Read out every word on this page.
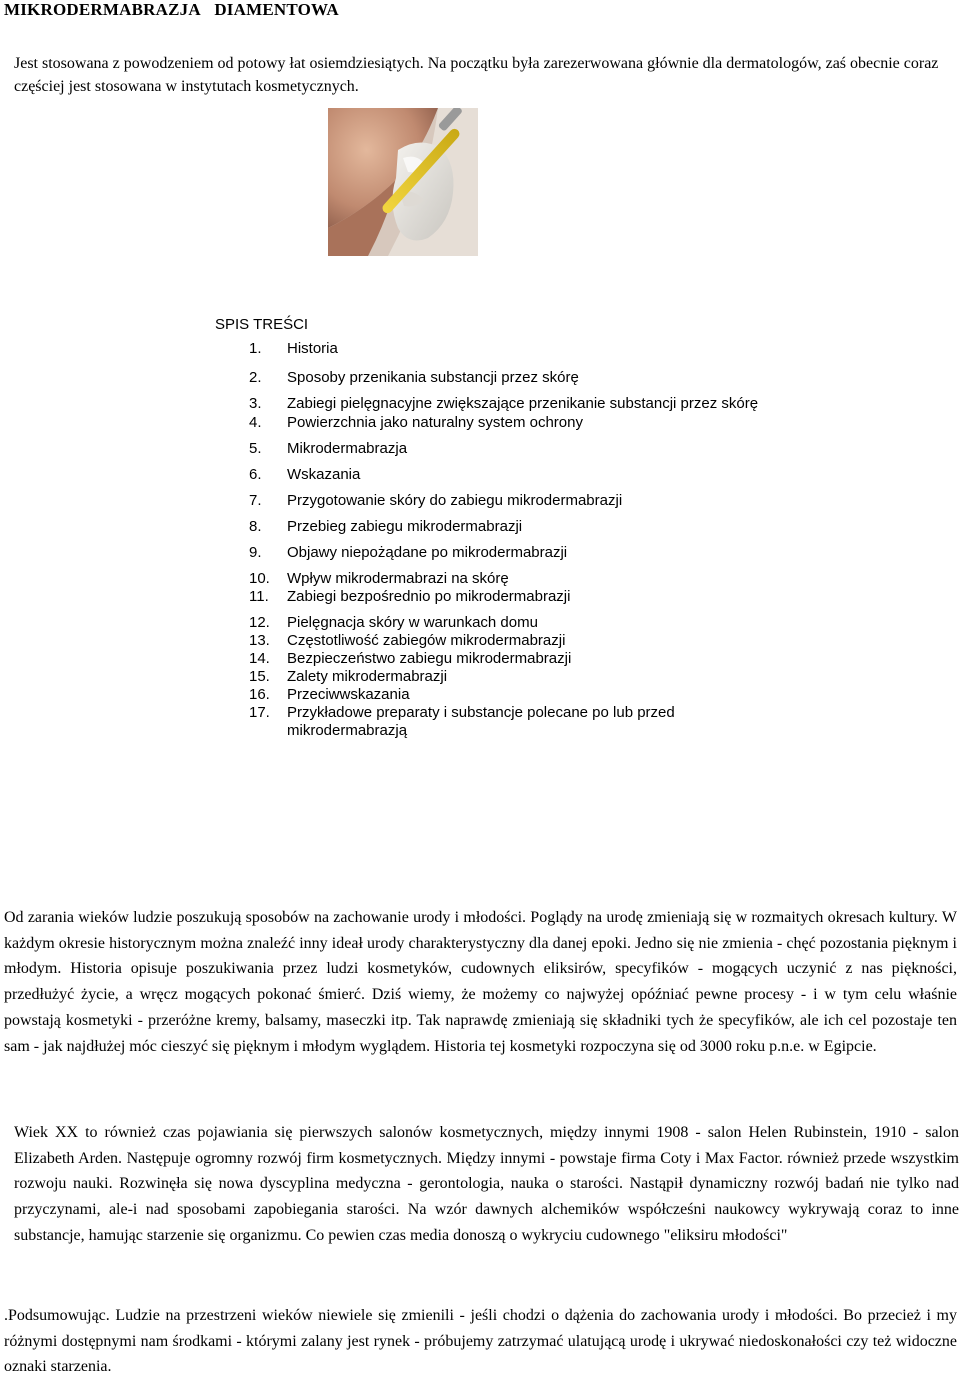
MIKRODERMABRAZJA DIAMENTOWA
Jest stosowana z powodzeniem od potowy łat osiemdziesiątych. Na początku była zarezerwowana głównie dla dermatologów, zaś obecnie coraz częściej jest stosowana w instytutach kosmetycznych.
SPIS TREŚCI
1.	Historia
2.	Sposoby przenikania substancji przez skórę
3.	Zabiegi pielęgnacyjne zwiększające przenikanie substancji przez skórę
4.	Powierzchnia jako naturalny system ochrony
5.	Mikrodermabrazja
6.	Wskazania
7.	Przygotowanie skóry do zabiegu mikrodermabrazji
8.	Przebieg zabiegu mikrodermabrazji
9.	Objawy niepożądane po mikrodermabrazji
10.	Wpływ mikrodermabrazi na skórę
11.	Zabiegi bezpośrednio po mikrodermabrazji
12.	Pielęgnacja skóry w warunkach domu
13.	Częstotliwość zabiegów mikrodermabrazji
14.	Bezpieczeństwo zabiegu mikrodermabrazji
15.	Zalety mikrodermabrazji
16.	Przeciwwskazania
17.	Przykładowe preparaty i substancje polecane po lub przed mikrodermabrazją
Od zarania wieków ludzie poszukują sposobów na zachowanie urody i młodości. Poglądy na urodę zmieniają się w rozmaitych okresach kultury. W każdym okresie historycznym można znaleźć inny ideał urody charakterystyczny dla danej epoki. Jedno się nie zmienia - chęć pozostania pięknym i młodym. Historia opisuje poszukiwania przez ludzi kosmetyków, cudownych eliksirów, specyfików - mogących uczynić z nas piękności, przedłużyć życie, a wręcz mogących pokonać śmierć. Dziś wiemy, że możemy co najwyżej opóźniać pewne procesy - i w tym celu właśnie powstają kosmetyki - przeróżne kremy, balsamy, maseczki itp. Tak naprawdę zmieniają się składniki tych że specyfików, ale ich cel pozostaje ten sam - jak najdłużej móc cieszyć się pięknym i młodym wyglądem. Historia tej kosmetyki rozpoczyna się od 3000 roku p.n.e. w Egipcie.
Wiek XX to również czas pojawiania się pierwszych salonów kosmetycznych, między innymi 1908 - salon Helen Rubinstein, 1910 - salon Elizabeth Arden. Następuje ogromny rozwój firm kosmetycznych. Między innymi - powstaje firma Coty i Max Factor. również przede wszystkim rozwoju nauki. Rozwinęła się nowa dyscyplina medyczna - gerontologia, nauka o starości. Nastąpił dynamiczny rozwój badań nie tylko nad przyczynami, ale-i nad sposobami zapobiegania starości. Na wzór dawnych alchemików współcześni naukowcy wykrywają coraz to inne substancje, hamując starzenie się organizmu. Co pewien czas media donoszą o wykryciu cudownego "eliksiru młodości"
.Podsumowując. Ludzie na przestrzeni wieków niewiele się zmienili - jeśli chodzi o dążenia do zachowania urody i młodości. Bo przecież i my różnymi dostępnymi nam środkami - którymi zalany jest rynek - próbujemy zatrzymać ulatującą urodę i ukrywać niedoskonałości czy też widoczne oznaki starzenia.
